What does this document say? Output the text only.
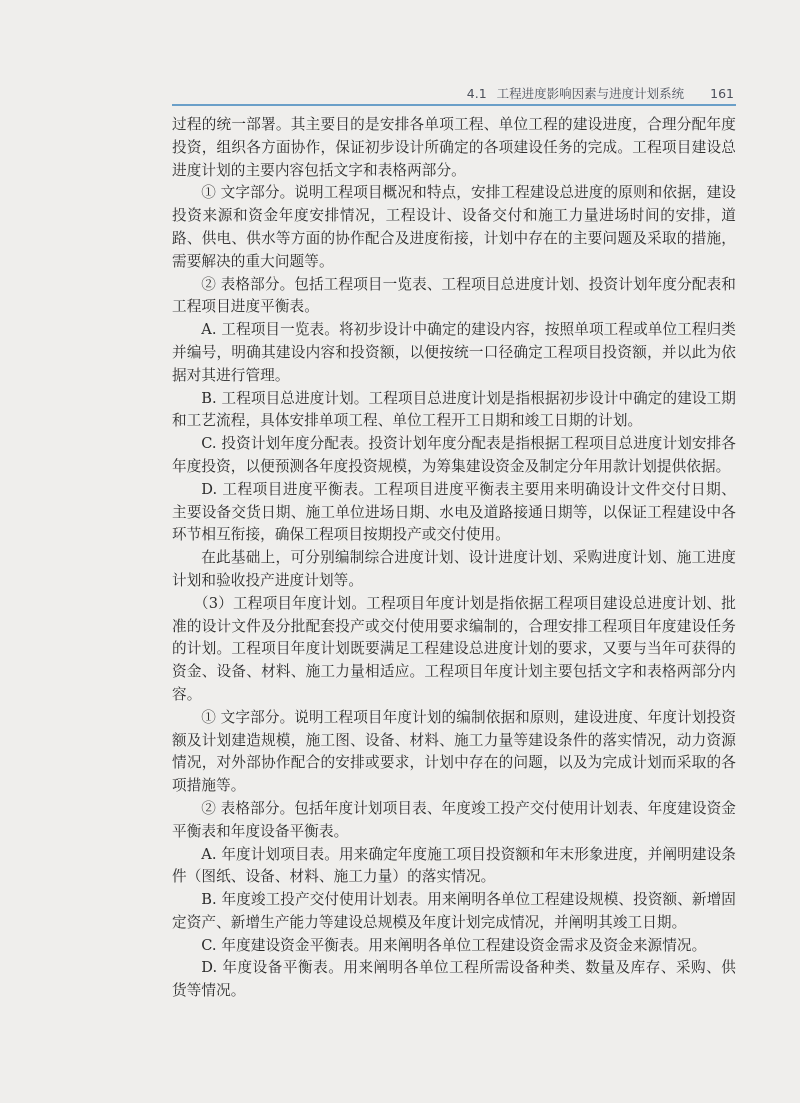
4.1 工程进度影响因素与进度计划系统 161

过程的统一部署。其主要目的是安排各单项工程、单位工程的建设进度，合理分配年度投资，组织各方面协作，保证初步设计所确定的各项建设任务的完成。工程项目建设总进度计划的主要内容包括文字和表格两部分。

① 文字部分。说明工程项目概况和特点，安排工程建设总进度的原则和依据，建设投资来源和资金年度安排情况，工程设计、设备交付和施工力量进场时间的安排，道路、供电、供水等方面的协作配合及进度衔接，计划中存在的主要问题及采取的措施，需要解决的重大问题等。

② 表格部分。包括工程项目一览表、工程项目总进度计划、投资计划年度分配表和工程项目进度平衡表。

A. 工程项目一览表。将初步设计中确定的建设内容，按照单项工程或单位工程归类并编号，明确其建设内容和投资额，以便按统一口径确定工程项目投资额，并以此为依据对其进行管理。

B. 工程项目总进度计划。工程项目总进度计划是指根据初步设计中确定的建设工期和工艺流程，具体安排单项工程、单位工程开工日期和竣工日期的计划。

C. 投资计划年度分配表。投资计划年度分配表是指根据工程项目总进度计划安排各年度投资，以便预测各年度投资规模，为筹集建设资金及制定分年用款计划提供依据。

D. 工程项目进度平衡表。工程项目进度平衡表主要用来明确设计文件交付日期、主要设备交货日期、施工单位进场日期、水电及道路接通日期等，以保证工程建设中各环节相互衔接，确保工程项目按期投产或交付使用。

在此基础上，可分别编制综合进度计划、设计进度计划、采购进度计划、施工进度计划和验收投产进度计划等。

（3）工程项目年度计划。工程项目年度计划是指依据工程项目建设总进度计划、批准的设计文件及分批配套投产或交付使用要求编制的，合理安排工程项目年度建设任务的计划。工程项目年度计划既要满足工程建设总进度计划的要求，又要与当年可获得的资金、设备、材料、施工力量相适应。工程项目年度计划主要包括文字和表格两部分内容。

① 文字部分。说明工程项目年度计划的编制依据和原则，建设进度、年度计划投资额及计划建造规模，施工图、设备、材料、施工力量等建设条件的落实情况，动力资源情况，对外部协作配合的安排或要求，计划中存在的问题，以及为完成计划而采取的各项措施等。

② 表格部分。包括年度计划项目表、年度竣工投产交付使用计划表、年度建设资金平衡表和年度设备平衡表。

A. 年度计划项目表。用来确定年度施工项目投资额和年末形象进度，并阐明建设条件（图纸、设备、材料、施工力量）的落实情况。

B. 年度竣工投产交付使用计划表。用来阐明各单位工程建设规模、投资额、新增固定资产、新增生产能力等建设总规模及年度计划完成情况，并阐明其竣工日期。

C. 年度建设资金平衡表。用来阐明各单位工程建设资金需求及资金来源情况。

D. 年度设备平衡表。用来阐明各单位工程所需设备种类、数量及库存、采购、供货等情况。
